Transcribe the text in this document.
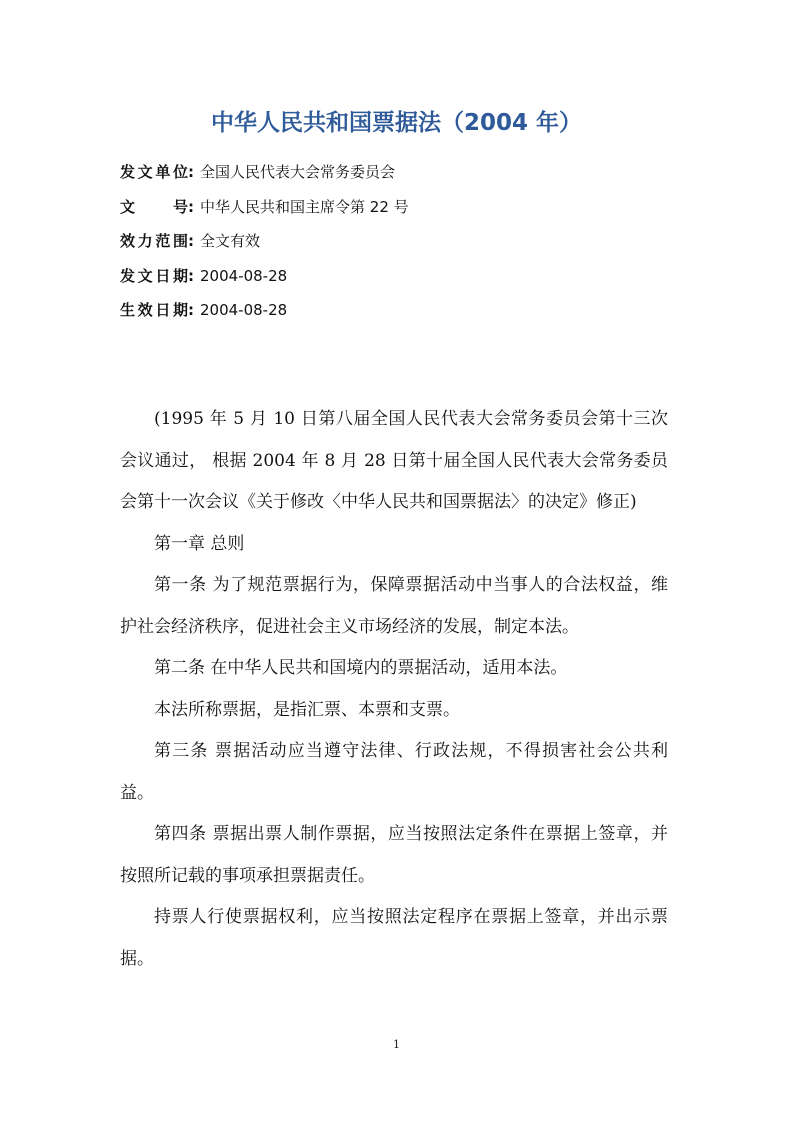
中华人民共和国票据法（2004 年）
发文单位: 全国人民代表大会常务委员会
文号: 中华人民共和国主席令第 22 号
效力范围: 全文有效
发文日期: 2004-08-28
生效日期: 2004-08-28

(1995 年 5 月 10 日第八届全国人民代表大会常务委员会第十三次会议通过， 根据 2004 年 8 月 28 日第十届全国人民代表大会常务委员会第十一次会议《关于修改〈中华人民共和国票据法〉的决定》修正)

第一章 总则

第一条 为了规范票据行为，保障票据活动中当事人的合法权益，维护社会经济秩序，促进社会主义市场经济的发展，制定本法。

第二条 在中华人民共和国境内的票据活动，适用本法。

本法所称票据，是指汇票、本票和支票。

第三条 票据活动应当遵守法律、行政法规，不得损害社会公共利益。

第四条 票据出票人制作票据，应当按照法定条件在票据上签章，并按照所记载的事项承担票据责任。

持票人行使票据权利，应当按照法定程序在票据上签章，并出示票据。

1
